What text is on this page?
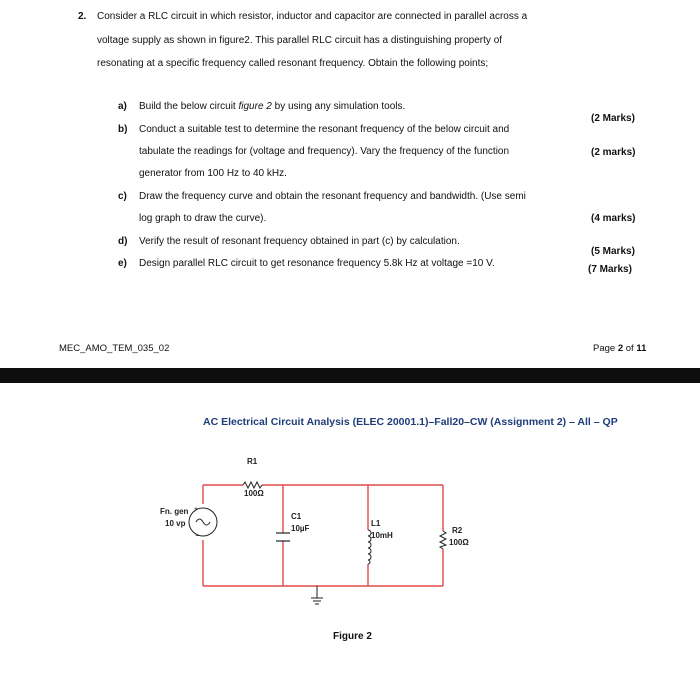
2. Consider a RLC circuit in which resistor, inductor and capacitor are connected in parallel across a
voltage supply as shown in figure2. This parallel RLC circuit has a distinguishing property of
resonating at a specific frequency called resonant frequency. Obtain the following points;
a) Build the below circuit figure 2 by using any simulation tools.
(2 Marks)
b) Conduct a suitable test to determine the resonant frequency of the below circuit and
tabulate the readings for (voltage and frequency). Vary the frequency of the function
generator from 100 Hz to 40 kHz.
(2 marks)
c) Draw the frequency curve and obtain the resonant frequency and bandwidth. (Use semi
log graph to draw the curve).	(4 marks)
d) Verify the result of resonant frequency obtained in part (c) by calculation.
(5 Marks)
e) Design parallel RLC circuit to get resonance frequency 5.8k Hz at voltage =10 V.
(7 Marks)
MEC_AMO_TEM_035_02	Page 2 of 11
AC Electrical Circuit Analysis (ELEC 20001.1)–Fall20–CW (Assignment 2) – All – QP
+
−
R1
100Ω
Fn. gen
10 vp
C1
10µF
L1
10mH
R2
100Ω
Figure 2
